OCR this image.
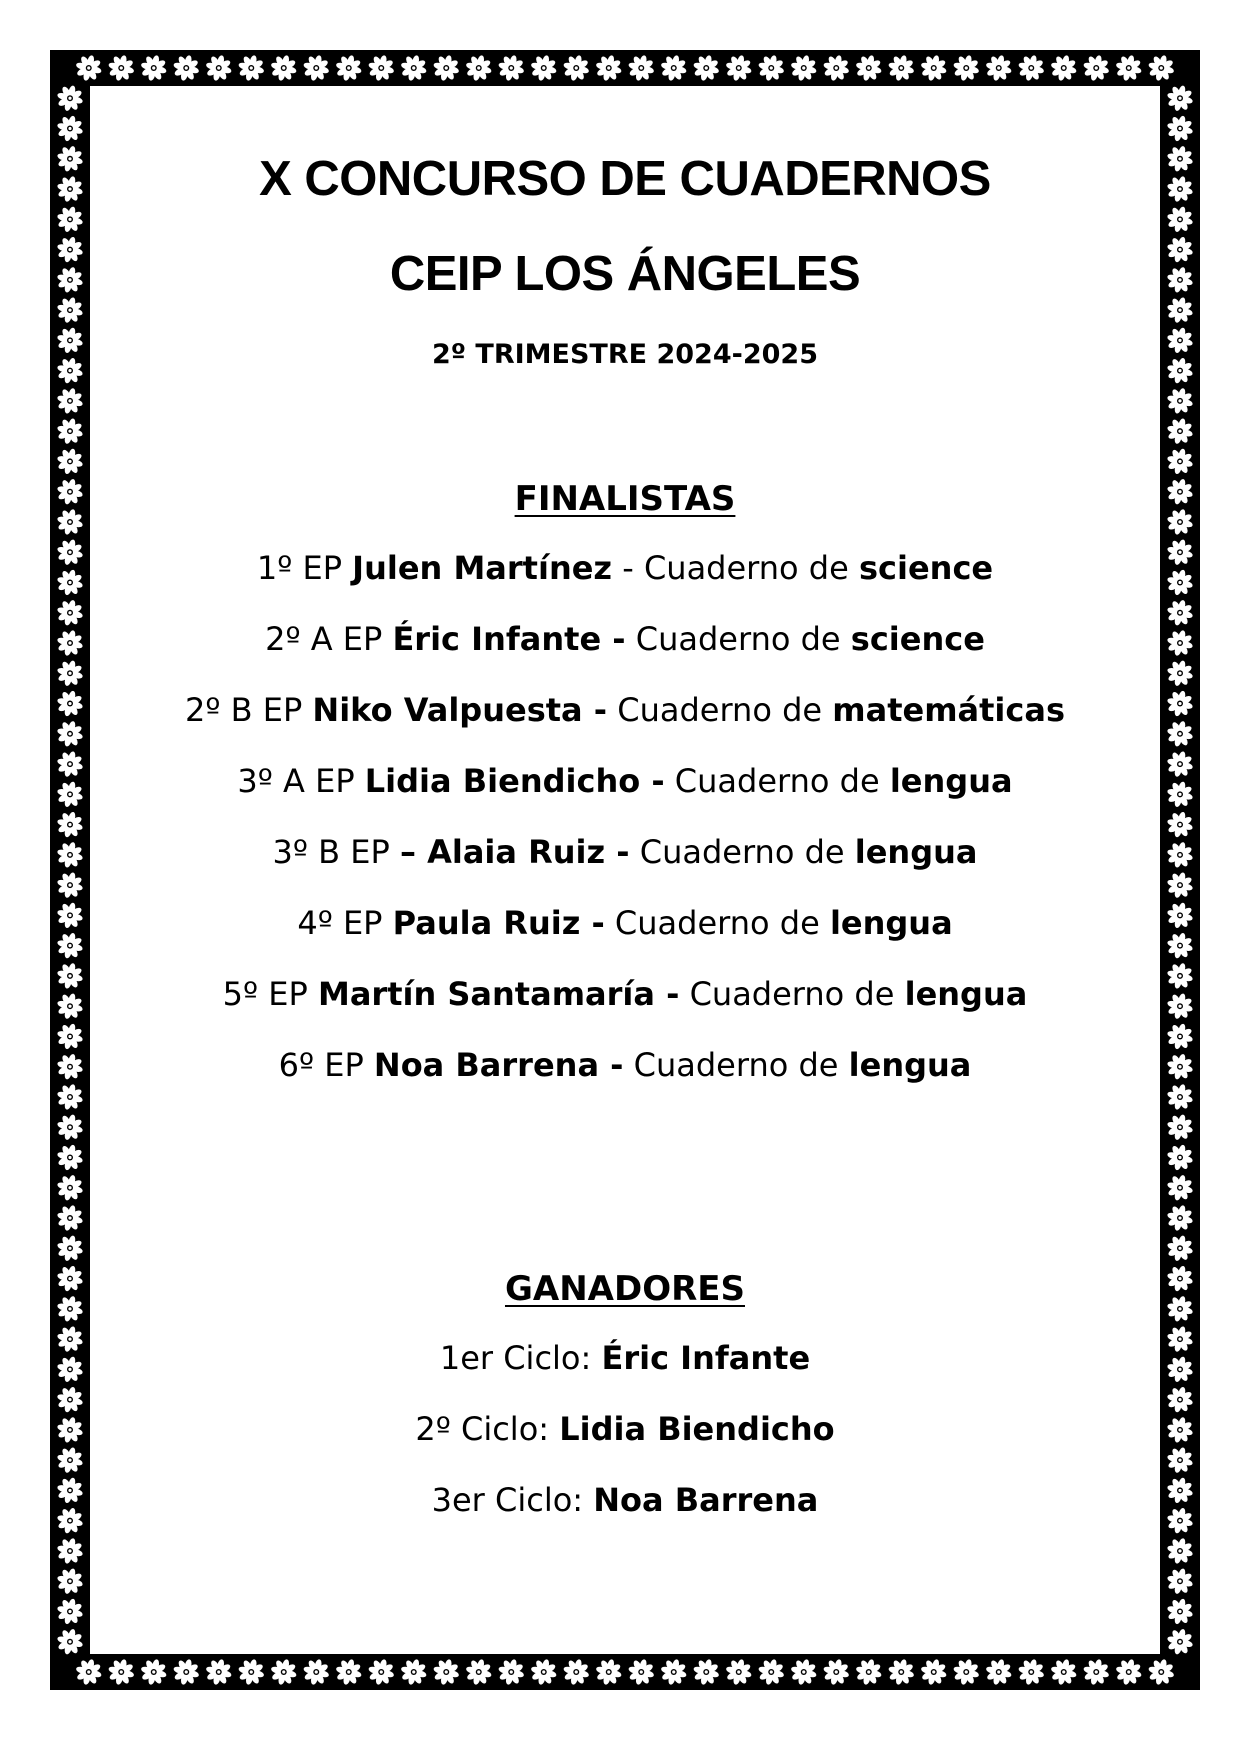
X CONCURSO DE CUADERNOS
CEIP LOS ÁNGELES
2º TRIMESTRE 2024-2025
FINALISTAS
1º EP Julen Martínez - Cuaderno de science
2º A EP Éric Infante - Cuaderno de science
2º B EP Niko Valpuesta - Cuaderno de matemáticas
3º A EP Lidia Biendicho - Cuaderno de lengua
3º B EP – Alaia Ruiz - Cuaderno de lengua
4º EP Paula Ruiz - Cuaderno de lengua
5º EP Martín Santamaría - Cuaderno de lengua
6º EP Noa Barrena - Cuaderno de lengua
GANADORES
1er Ciclo: Éric Infante
2º Ciclo: Lidia Biendicho
3er Ciclo: Noa Barrena
